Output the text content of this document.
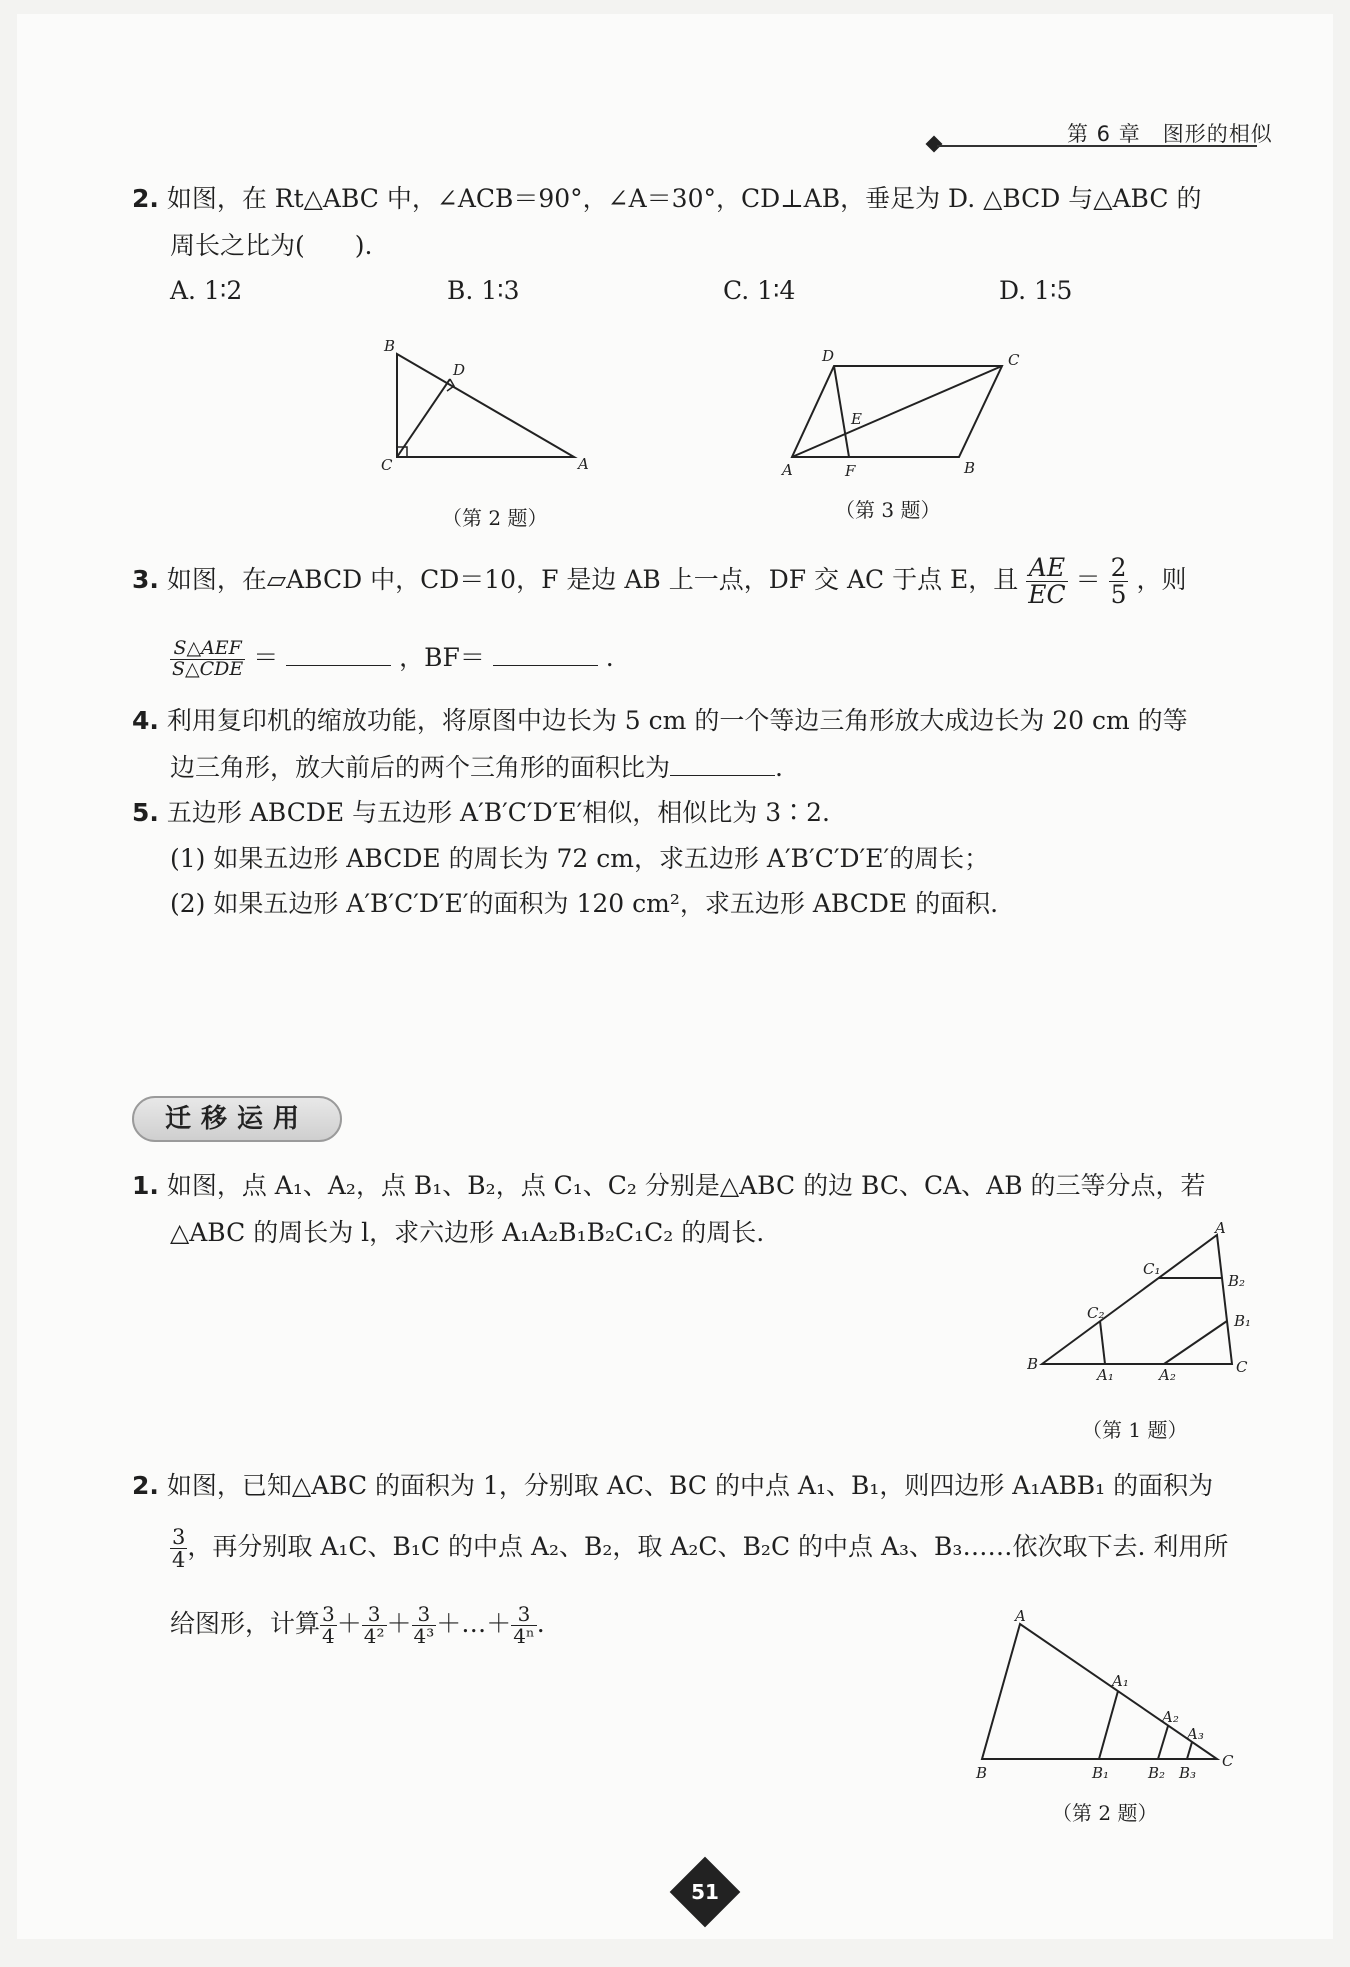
第 6 章　图形的相似
2. 如图，在 Rt△ABC 中，∠ACB＝90°，∠A＝30°，CD⊥AB，垂足为 D. △BCD 与△ABC 的
周长之比为(　　).
A. 1∶2	B. 1∶3	C. 1∶4	D. 1∶5
B
D
C	A
（第 2 题）
D	C
E
A	F	B
（第 3 题）
3. 如图，在▱ABCD 中，CD＝10，F 是边 AB 上一点，DF 交 AC 于点 E，且 $\frac{AE}{EC} = \frac{2}{5}$ ，则
$\frac{\text{S△AEF}}{\text{S△CDE}}$ ＝	，BF＝	.
4. 利用复印机的缩放功能，将原图中边长为 5 cm 的一个等边三角形放大成边长为 20 cm 的等
边三角形，放大前后的两个三角形的面积比为	.
5. 五边形 ABCDE 与五边形 A′B′C′D′E′相似，相似比为 3∶2.
(1) 如果五边形 ABCDE 的周长为 72 cm，求五边形 A′B′C′D′E′的周长；
(2) 如果五边形 A′B′C′D′E′的面积为 120 cm²，求五边形 ABCDE 的面积.
迁移运用
1. 如图，点 A₁、A₂，点 B₁、B₂，点 C₁、C₂ 分别是△ABC 的边 BC、CA、AB 的三等分点，若
△ABC 的周长为 l，求六边形 A₁A₂B₁B₂C₁C₂ 的周长.	A
C₁
B₂
C₂	B₁
B
A₁	A₂	C
（第 1 题）
2. 如图，已知△ABC 的面积为 1，分别取 AC、BC 的中点 A₁、B₁，则四边形 A₁ABB₁ 的面积为
$\frac{3}{4}$ ，再分别取 A₁C、B₁C 的中点 A₂、B₂，取 A₂C、B₂C 的中点 A₃、B₃……依次取下去. 利用所
给图形，计算 $\frac{3}{4} + \frac{3}{\text{4²}} + \frac{3}{\text{4³}}$ ＋…＋ $\frac{3}{\text{4ⁿ}}$ .	A
A₁
A₂
A₃
C
B	B₁	B₂ B₃
（第 2 题）
51
